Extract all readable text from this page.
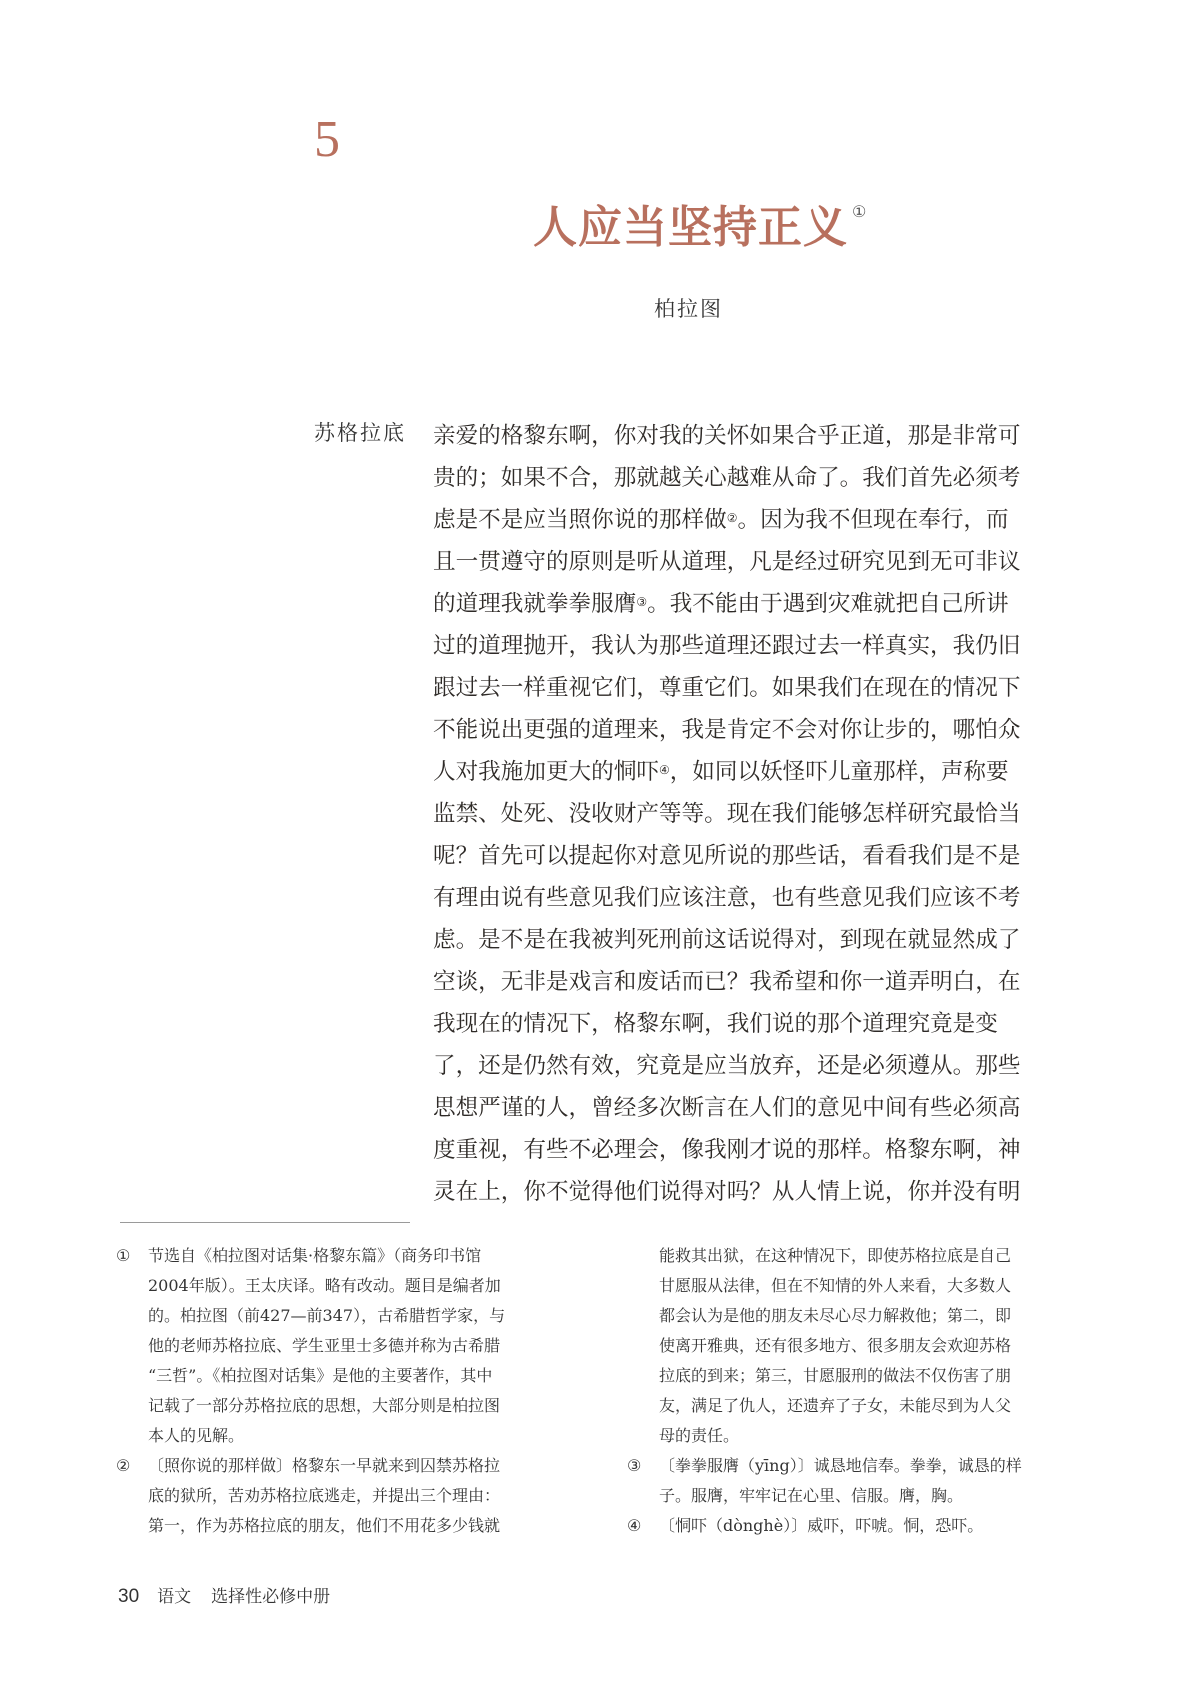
5
人应当坚持正义 ①
柏拉图
苏格拉底 亲爱的格黎东啊，你对我的关怀如果合乎正道，那是非常可
贵的；如果不合，那就越关心越难从命了。我们首先必须考
虑是不是应当照你说的那样做②。因为我不但现在奉行，而
且一贯遵守的原则是听从道理，凡是经过研究见到无可非议
的道理我就拳拳服膺③。我不能由于遇到灾难就把自己所讲
过的道理抛开，我认为那些道理还跟过去一样真实，我仍旧
跟过去一样重视它们，尊重它们。如果我们在现在的情况下
不能说出更强的道理来，我是肯定不会对你让步的，哪怕众
人对我施加更大的恫吓④，如同以妖怪吓儿童那样，声称要
监禁、处死、没收财产等等。现在我们能够怎样研究最恰当
呢？首先可以提起你对意见所说的那些话，看看我们是不是
有理由说有些意见我们应该注意，也有些意见我们应该不考
虑。是不是在我被判死刑前这话说得对，到现在就显然成了
空谈，无非是戏言和废话而已？我希望和你一道弄明白，在
我现在的情况下，格黎东啊，我们说的那个道理究竟是变
了，还是仍然有效，究竟是应当放弃，还是必须遵从。那些
思想严谨的人，曾经多次断言在人们的意见中间有些必须高
度重视，有些不必理会，像我刚才说的那样。格黎东啊，神
灵在上，你不觉得他们说得对吗？从人情上说，你并没有明
① 节选自《柏拉图对话集·格黎东篇》（商务印书馆
2004年版）。王太庆译。略有改动。题目是编者加
的。柏拉图（前427—前347），古希腊哲学家，与
他的老师苏格拉底、学生亚里士多德并称为古希腊
“三哲”。《柏拉图对话集》是他的主要著作，其中
记载了一部分苏格拉底的思想，大部分则是柏拉图
本人的见解。
② 〔照你说的那样做〕格黎东一早就来到囚禁苏格拉
底的狱所，苦劝苏格拉底逃走，并提出三个理由：
第一，作为苏格拉底的朋友，他们不用花多少钱就
能救其出狱，在这种情况下，即使苏格拉底是自己
甘愿服从法律，但在不知情的外人来看，大多数人
都会认为是他的朋友未尽心尽力解救他；第二，即
使离开雅典，还有很多地方、很多朋友会欢迎苏格
拉底的到来；第三，甘愿服刑的做法不仅伤害了朋
友，满足了仇人，还遗弃了子女，未能尽到为人父
母的责任。
③ 〔拳拳服膺（yīng）〕诚恳地信奉。拳拳，诚恳的样
子。服膺，牢牢记在心里、信服。膺，胸。
④ 〔恫吓（dònghè）〕威吓，吓唬。恫，恐吓。
30 语文 选择性必修中册
